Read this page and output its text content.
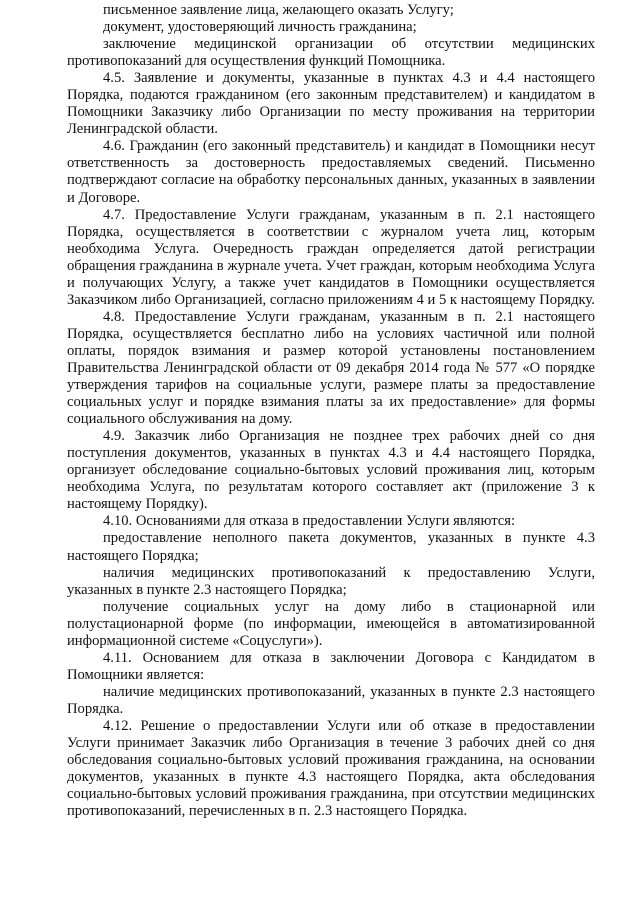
письменное заявление лица, желающего оказать Услугу;

документ, удостоверяющий личность гражданина;

заключение медицинской организации об отсутствии медицинских противопоказаний для осуществления функций Помощника.

4.5. Заявление и документы, указанные в пунктах 4.3 и 4.4 настоящего Порядка, подаются гражданином (его законным представителем) и кандидатом в Помощники Заказчику либо Организации по месту проживания на территории Ленинградской области.

4.6. Гражданин (его законный представитель) и кандидат в Помощники несут ответственность за достоверность предоставляемых сведений. Письменно подтверждают согласие на обработку персональных данных, указанных в заявлении и Договоре.

4.7. Предоставление Услуги гражданам, указанным в п. 2.1 настоящего Порядка, осуществляется в соответствии с журналом учета лиц, которым необходима Услуга. Очередность граждан определяется датой регистрации обращения гражданина в журнале учета. Учет граждан, которым необходима Услуга и получающих Услугу, а также учет кандидатов в Помощники осуществляется Заказчиком либо Организацией, согласно приложениям 4 и 5 к настоящему Порядку.

4.8. Предоставление Услуги гражданам, указанным в п. 2.1 настоящего Порядка, осуществляется бесплатно либо на условиях частичной или полной оплаты, порядок взимания и размер которой установлены постановлением Правительства Ленинградской области от 09 декабря 2014 года № 577 «О порядке утверждения тарифов на социальные услуги, размере платы за предоставление социальных услуг и порядке взимания платы за их предоставление» для формы социального обслуживания на дому.

4.9. Заказчик либо Организация не позднее трех рабочих дней со дня поступления документов, указанных в пунктах 4.3 и 4.4 настоящего Порядка, организует обследование социально-бытовых условий проживания лиц, которым необходима Услуга, по результатам которого составляет акт (приложение 3 к настоящему Порядку).

4.10. Основаниями для отказа в предоставлении Услуги являются:

предоставление неполного пакета документов, указанных в пункте 4.3 настоящего Порядка;

наличия медицинских противопоказаний к предоставлению Услуги, указанных в пункте 2.3 настоящего Порядка;

получение социальных услуг на дому либо в стационарной или полустационарной форме (по информации, имеющейся в автоматизированной информационной системе «Соцуслуги»).

4.11. Основанием для отказа в заключении Договора с Кандидатом в Помощники является:

наличие медицинских противопоказаний, указанных в пункте 2.3 настоящего Порядка.

4.12. Решение о предоставлении Услуги или об отказе в предоставлении Услуги принимает Заказчик либо Организация в течение 3 рабочих дней со дня обследования социально-бытовых условий проживания гражданина, на основании документов, указанных в пункте 4.3 настоящего Порядка, акта обследования социально-бытовых условий проживания гражданина, при отсутствии медицинских противопоказаний, перечисленных в п. 2.3 настоящего Порядка.
